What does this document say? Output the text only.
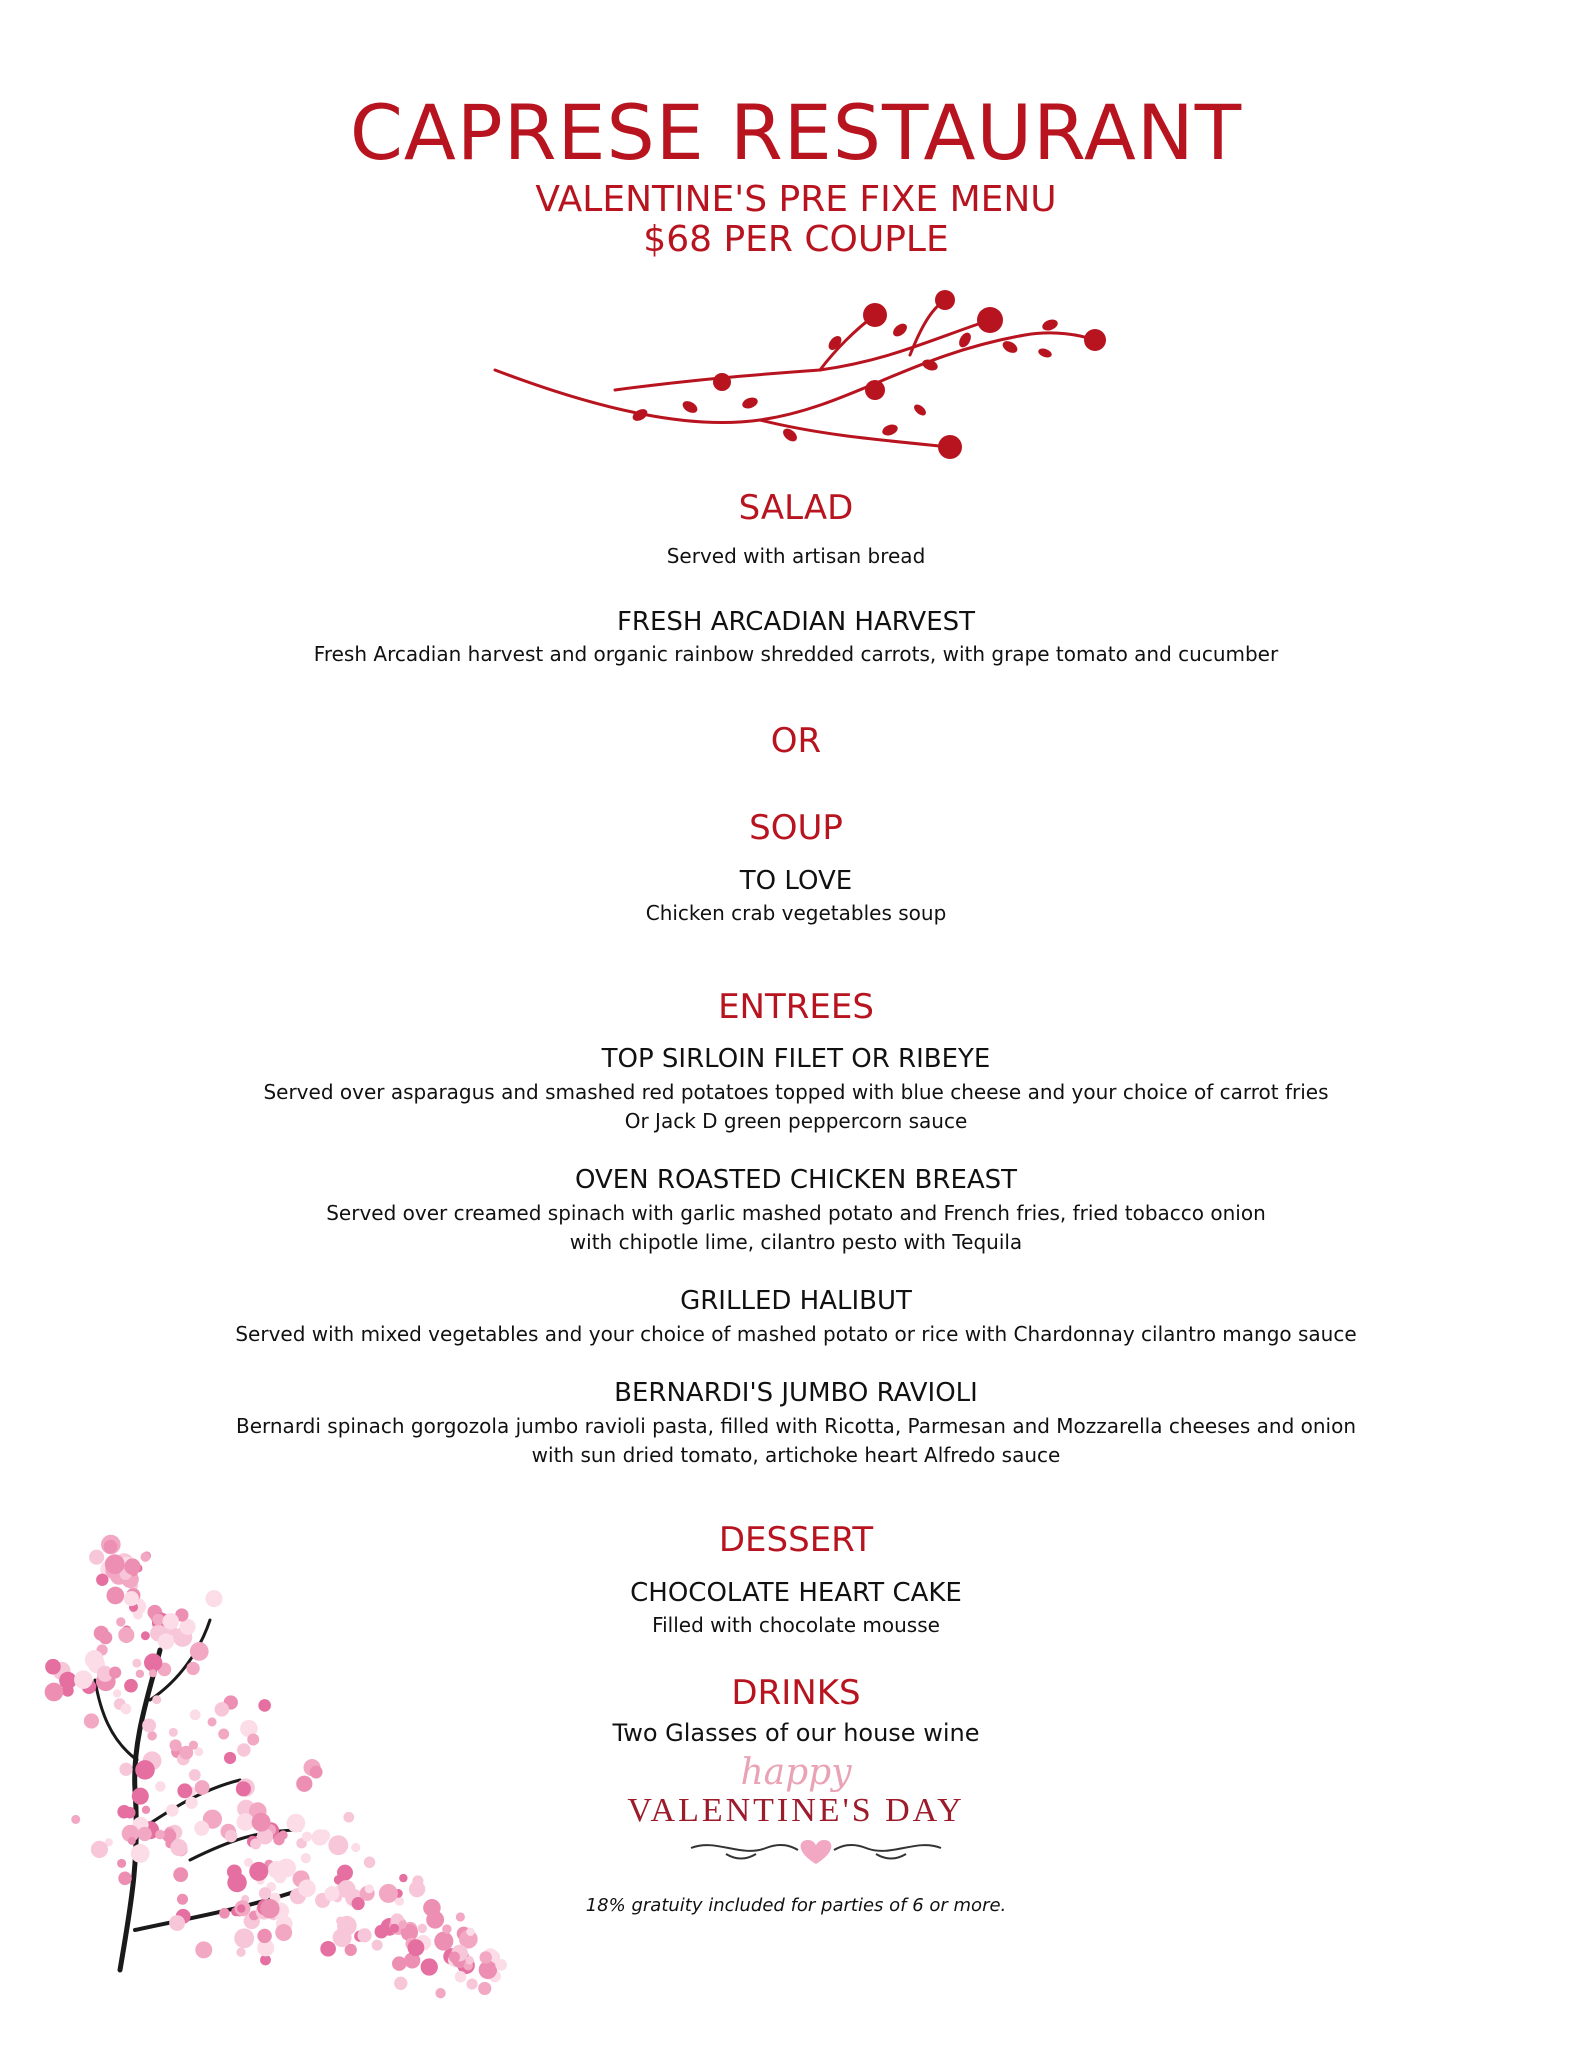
CAPRESE RESTAURANT
VALENTINE'S PRE FIXE MENU
$68 PER COUPLE
SALAD
Served with artisan bread
FRESH ARCADIAN HARVEST
Fresh Arcadian harvest and organic rainbow shredded carrots, with grape tomato and cucumber
OR
SOUP
TO LOVE
Chicken crab vegetables soup
ENTREES
TOP SIRLOIN FILET OR RIBEYE
Served over asparagus and smashed red potatoes topped with blue cheese and your choice of carrot fries
Or Jack D green peppercorn sauce
OVEN ROASTED CHICKEN BREAST
Served over creamed spinach with garlic mashed potato and French fries, fried tobacco onion
with chipotle lime, cilantro pesto with Tequila
GRILLED HALIBUT
Served with mixed vegetables and your choice of mashed potato or rice with Chardonnay cilantro mango sauce
BERNARDI'S JUMBO RAVIOLI
Bernardi spinach gorgozola jumbo ravioli pasta, filled with Ricotta, Parmesan and Mozzarella cheeses and onion
with sun dried tomato, artichoke heart Alfredo sauce
DESSERT
CHOCOLATE HEART CAKE
Filled with chocolate mousse
DRINKS
Two Glasses of our house wine
happy
VALENTINE'S DAY
18% gratuity included for parties of 6 or more.
